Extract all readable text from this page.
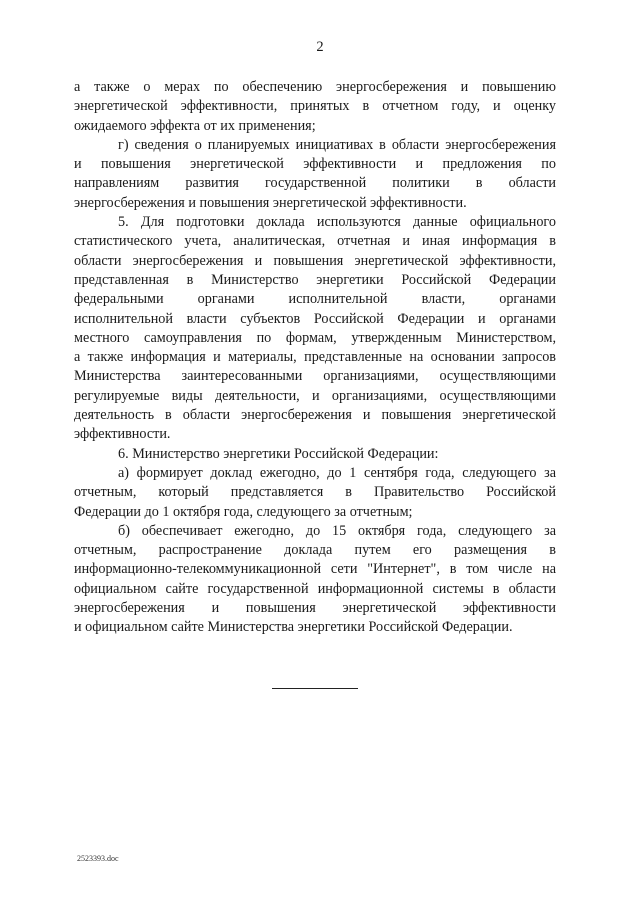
2

а также о мерах по обеспечению энергосбережения и повышению
энергетической эффективности, принятых в отчетном году, и оценку
ожидаемого эффекта от их применения;

г) сведения о планируемых инициативах в области энергосбережения
и повышения энергетической эффективности и предложения по
направлениям развития государственной политики в области
энергосбережения и повышения энергетической эффективности.

5. Для подготовки доклада используются данные официального
статистического учета, аналитическая, отчетная и иная информация в
области энергосбережения и повышения энергетической эффективности,
представленная в Министерство энергетики Российской Федерации
федеральными органами исполнительной власти, органами
исполнительной власти субъектов Российской Федерации и органами
местного самоуправления по формам, утвержденным Министерством,
а также информация и материалы, представленные на основании запросов
Министерства заинтересованными организациями, осуществляющими
регулируемые виды деятельности, и организациями, осуществляющими
деятельность в области энергосбережения и повышения энергетической
эффективности.

6. Министерство энергетики Российской Федерации:

а) формирует доклад ежегодно, до 1 сентября года, следующего за
отчетным, который представляется в Правительство Российской
Федерации до 1 октября года, следующего за отчетным;

б) обеспечивает ежегодно, до 15 октября года, следующего за
отчетным, распространение доклада путем его размещения в
информационно-телекоммуникационной сети "Интернет", в том числе на
официальном сайте государственной информационной системы в области
энергосбережения и повышения энергетической эффективности
и официальном сайте Министерства энергетики Российской Федерации.

2523393.doc
